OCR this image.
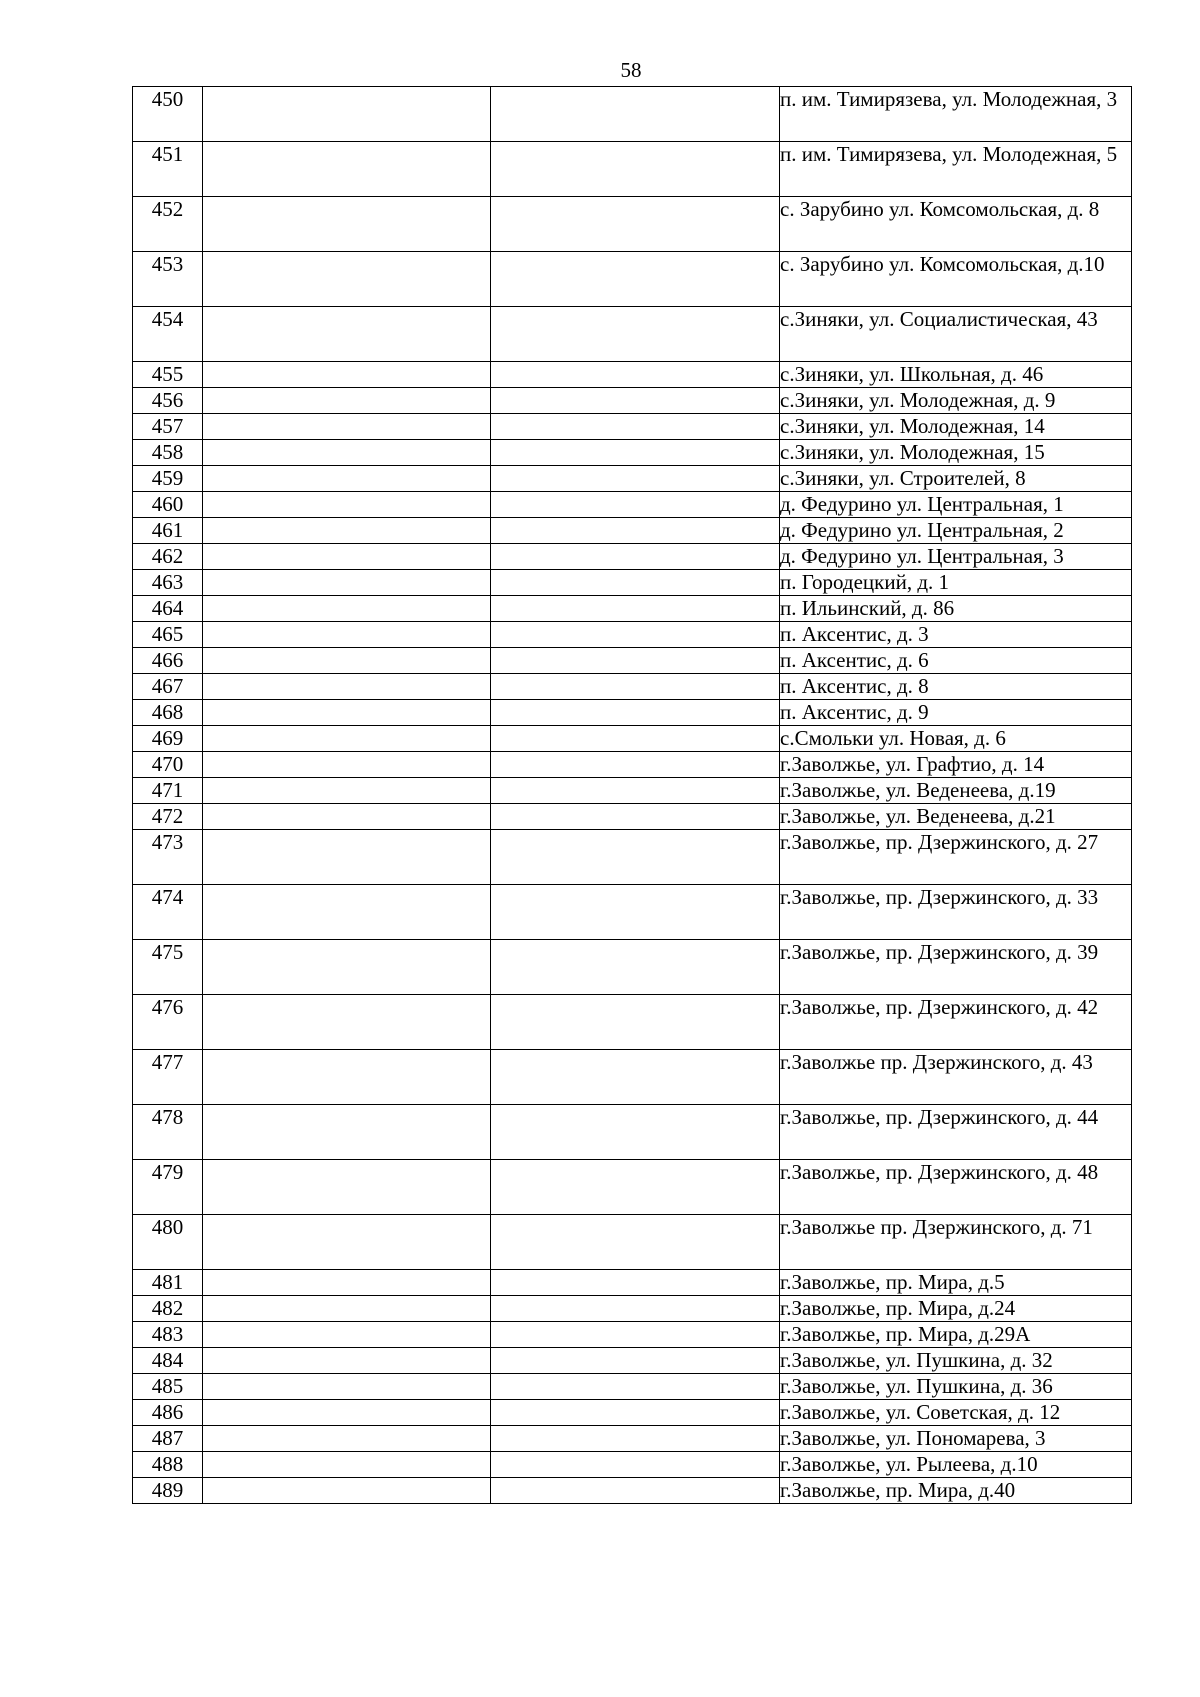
58
450			п. им. Тимирязева, ул. Молодежная, 3
451			п. им. Тимирязева, ул. Молодежная, 5
452			с. Зарубино ул. Комсомольская, д. 8
453			с. Зарубино ул. Комсомольская, д.10
454			с.Зиняки, ул. Социалистическая, 43
455			с.Зиняки, ул. Школьная, д. 46
456			с.Зиняки, ул. Молодежная, д. 9
457			с.Зиняки, ул. Молодежная, 14
458			с.Зиняки, ул. Молодежная, 15
459			с.Зиняки, ул. Строителей, 8
460			д. Федурино ул. Центральная, 1
461			д. Федурино ул. Центральная, 2
462			д. Федурино ул. Центральная, 3
463			п. Городецкий, д. 1
464			п. Ильинский, д. 86
465			п. Аксентис, д. 3
466			п. Аксентис, д. 6
467			п. Аксентис, д. 8
468			п. Аксентис, д. 9
469			с.Смольки ул. Новая, д. 6
470			г.Заволжье, ул. Графтио, д. 14
471			г.Заволжье, ул. Веденеева, д.19
472			г.Заволжье, ул. Веденеева, д.21
473			г.Заволжье, пр. Дзержинского, д. 27
474			г.Заволжье, пр. Дзержинского, д. 33
475			г.Заволжье, пр. Дзержинского, д. 39
476			г.Заволжье, пр. Дзержинского, д. 42
477			г.Заволжье пр. Дзержинского, д. 43
478			г.Заволжье, пр. Дзержинского, д. 44
479			г.Заволжье, пр. Дзержинского, д. 48
480			г.Заволжье пр. Дзержинского, д. 71
481			г.Заволжье, пр. Мира, д.5
482			г.Заволжье, пр. Мира, д.24
483			г.Заволжье, пр. Мира, д.29А
484			г.Заволжье, ул. Пушкина, д. 32
485			г.Заволжье, ул. Пушкина, д. 36
486			г.Заволжье, ул. Советская, д. 12
487			г.Заволжье, ул. Пономарева, 3
488			г.Заволжье, ул. Рылеева, д.10
489			г.Заволжье, пр. Мира, д.40
